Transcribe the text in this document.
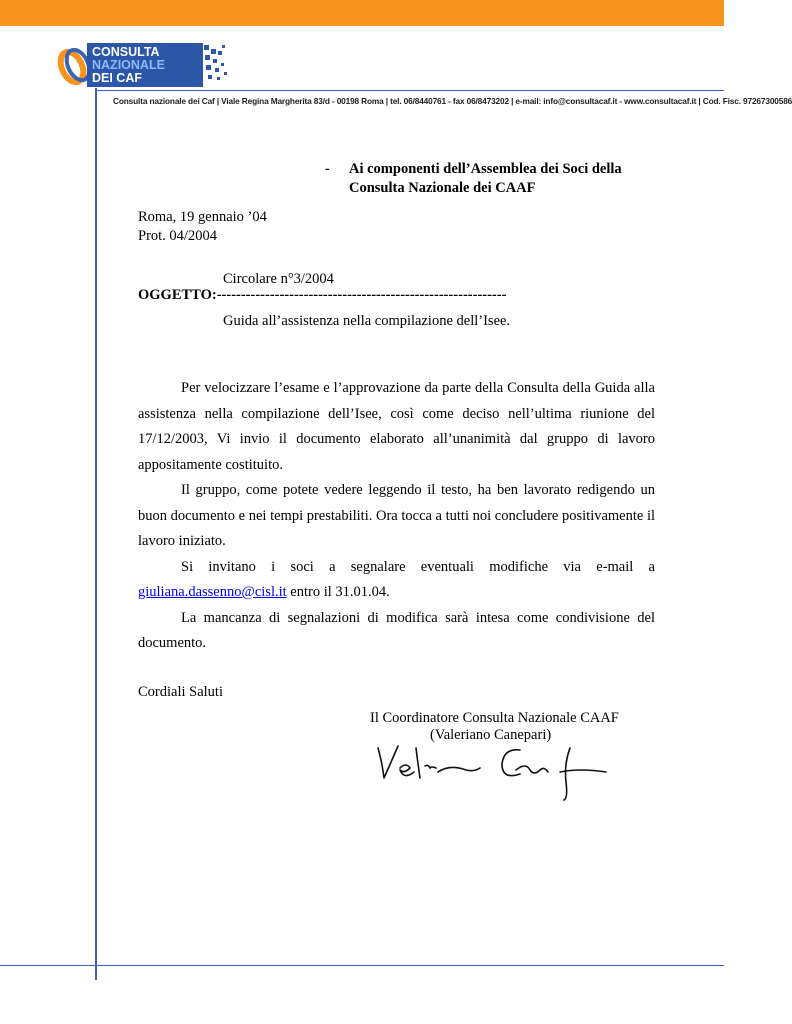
CONSULTA
NAZIONALE
DEI CAF
Consulta nazionale dei Caf | Viale Regina Margherita 83/d - 00198 Roma | tel. 06/8440761 - fax 06/8473202 | e-mail: info@consultacaf.it - www.consultacaf.it | Cod. Fisc. 97267300586
- Ai componenti dell’Assemblea dei Soci della
Consulta Nazionale dei CAAF
Roma, 19 gennaio ’04
Prot. 04/2004
Circolare n°3/2004
OGGETTO:------------------------------------------------------------
Guida all’assistenza nella compilazione dell’Isee.

Per velocizzare l’esame e l’approvazione da parte della Consulta della Guida alla assistenza nella compilazione dell’Isee, così come deciso nell’ultima riunione del 17/12/2003, Vi invio il documento elaborato all’unanimità dal gruppo di lavoro appositamente costituito.

Il gruppo, come potete vedere leggendo il testo, ha ben lavorato redigendo un buon documento e nei tempi prestabiliti. Ora tocca a tutti noi concludere positivamente il lavoro iniziato.

Si invitano i soci a segnalare eventuali modifiche via e-mail a giuliana.dassenno@cisl.it entro il 31.01.04.

La mancanza di segnalazioni di modifica sarà intesa come condivisione del documento.

Cordiali Saluti
Il Coordinatore Consulta Nazionale CAAF
(Valeriano Canepari)
